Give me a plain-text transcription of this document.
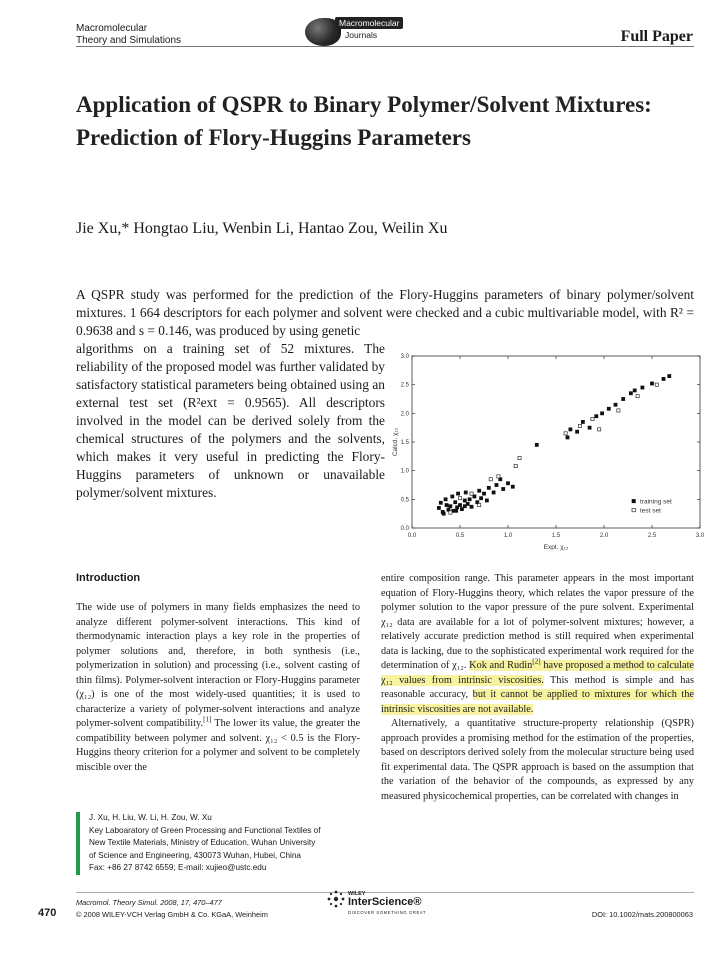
Macromolecular
Theory and Simulations
Macromolecular
Journals	Full Paper
Application of QSPR to Binary Polymer/Solvent Mixtures: Prediction of Flory-Huggins Parameters
Jie Xu,* Hongtao Liu, Wenbin Li, Hantao Zou, Weilin Xu

A QSPR study was performed for the prediction of the Flory-Huggins parameters of binary polymer/solvent mixtures. 1 664 descriptors for each polymer and solvent were checked and a cubic multivariable model, with R² = 0.9638 and s = 0.146, was produced by using genetic

algorithms on a training set of 52 mixtures. The reliability of the proposed model was further validated by satisfactory statistical parameters being obtained using an external test set (R²ext = 0.9565). All descriptors involved in the model can be derived solely from the chemical structures of the polymers and the solvents, which makes it very useful in predicting the Flory-Huggins parameters of unknown or unavailable polymer/solvent mixtures.

0.0	0.5	1.0	1.5	2.0	2.5	3.0
0.0
0.5
1.0
1.5
2.0
2.5
3.0
Expt. χ₁₂
Calcd. χ₁₂
training set
test set
Introduction

The wide use of polymers in many fields emphasizes the need to analyze different polymer-solvent interactions. This kind of thermodynamic interaction plays a key role in the properties of polymer solutions and, therefore, in both synthesis (i.e., polymerization in solution) and processing (i.e., solvent casting of thin films). Polymer-solvent interaction or Flory-Huggins parameter (χ₁₂) is one of the most widely-used quantities; it is used to characterize a variety of polymer-solvent interactions and analyze polymer-solvent compatibility.[1] The lower its value, the greater the compatibility between polymer and solvent. χ₁₂ < 0.5 is the Flory-Huggins theory criterion for a polymer and solvent to be completely miscible over the

entire composition range. This parameter appears in the most important equation of Flory-Huggins theory, which relates the vapor pressure of the polymer solution to the vapor pressure of the pure solvent. Experimental χ₁₂ data are available for a lot of polymer-solvent mixtures; however, a relatively accurate prediction method is still required when experimental data is lacking, due to the sophisticated experimental work required for the determination of χ₁₂. Kok and Rudin[2] have proposed a method to calculate χ₁₂ values from intrinsic viscosities. This method is simple and has reasonable accuracy, but it cannot be applied to mixtures for which the intrinsic viscosities are not available.

Alternatively, a quantitative structure-property relationship (QSPR) approach provides a promising method for the estimation of the properties, based on descriptors derived solely from the molecular structure being used fit experimental data. The QSPR approach is based on the assumption that the variation of the behavior of the compounds, as expressed by any measured physicochemical properties, can be correlated with changes in

J. Xu, H. Liu, W. Li, H. Zou, W. Xu
Key Laboaratory of Green Processing and Functional Textiles of
New Textile Materials, Ministry of Education, Wuhan University
of Science and Engineering, 430073 Wuhan, Hubei, China
Fax: +86 27 8742 6559; E-mail: xujieo@ustc.edu
470
Macromol. Theory Simul. 2008, 17, 470–477
© 2008 WILEY-VCH Verlag GmbH & Co. KGaA, Weinheim
WILEY
InterScience®
DISCOVER SOMETHING GREAT	DOI: 10.1002/mats.200800063
